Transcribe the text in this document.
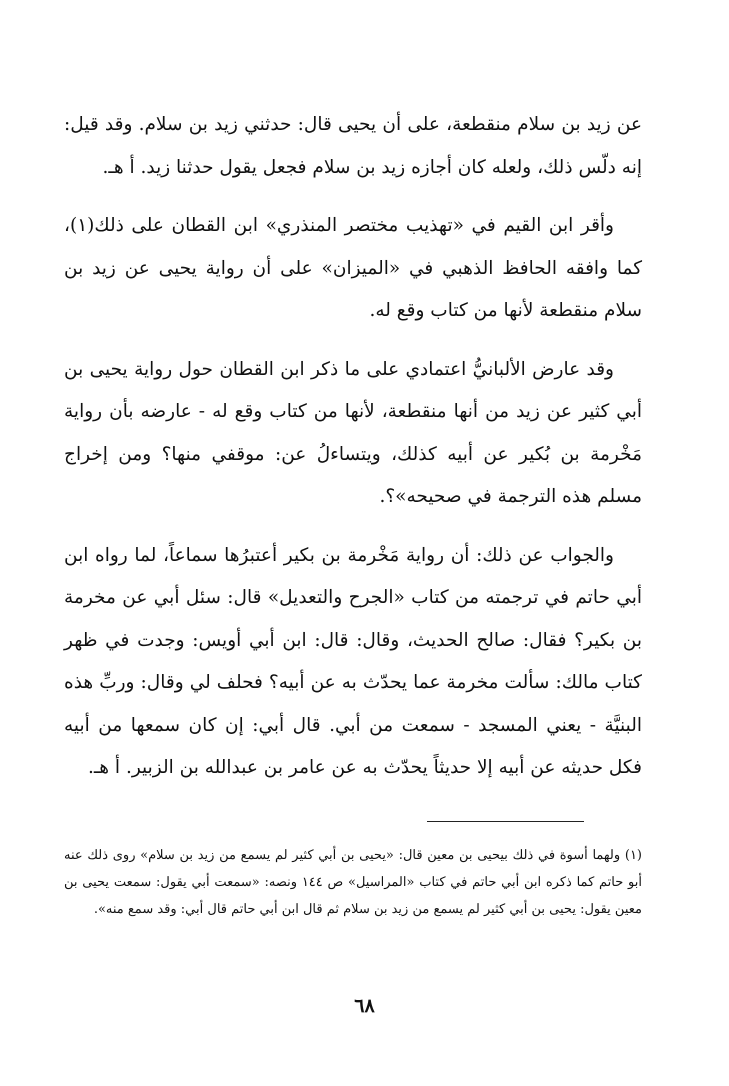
عن زيد بن سلام منقطعة، على أن يحيى قال: حدثني زيد بن سلام. وقد قيل: إنه دلّس ذلك، ولعله كان أجازه زيد بن سلام فجعل يقول حدثنا زيد. أ هـ.

وأقر ابن القيم في «تهذيب مختصر المنذري» ابن القطان على ذلك(١)، كما وافقه الحافظ الذهبي في «الميزان» على أن رواية يحيى عن زيد بن سلام منقطعة لأنها من كتاب وقع له.

وقد عارض الألبانيُّ اعتمادي على ما ذكر ابن القطان حول رواية يحيى بن أبي كثير عن زيد من أنها منقطعة، لأنها من كتاب وقع له - عارضه بأن رواية مَخْرمة بن بُكير عن أبيه كذلك، ويتساءلُ عن: موقفي منها؟ ومن إخراج مسلم هذه الترجمة في صحيحه»؟.

والجواب عن ذلك: أن رواية مَخْرمة بن بكير أعتبرُها سماعاً، لما رواه ابن أبي حاتم في ترجمته من كتاب «الجرح والتعديل» قال: سئل أبي عن مخرمة بن بكير؟ فقال: صالح الحديث، وقال: قال: ابن أبي أويس: وجدت في ظهر كتاب مالك: سألت مخرمة عما يحدّث به عن أبيه؟ فحلف لي وقال: وربِّ هذه البنيَّة - يعني المسجد - سمعت من أبي. قال أبي: إن كان سمعها من أبيه فكل حديثه عن أبيه إلا حديثاً يحدّث به عن عامر بن عبدالله بن الزبير. أ هـ.

(١) ولهما أسوة في ذلك بيحيى بن معين قال: «يحيى بن أبي كثير لم يسمع من زيد بن سلام» روى ذلك عنه أبو حاتم كما ذكره ابن أبي حاتم في كتاب «المراسيل» ص ١٤٤ ونصه: «سمعت أبي يقول: سمعت يحيى بن معين يقول: يحيى بن أبي كثير لم يسمع من زيد بن سلام ثم قال ابن أبي حاتم قال أبي: وقد سمع منه».

٦٨
